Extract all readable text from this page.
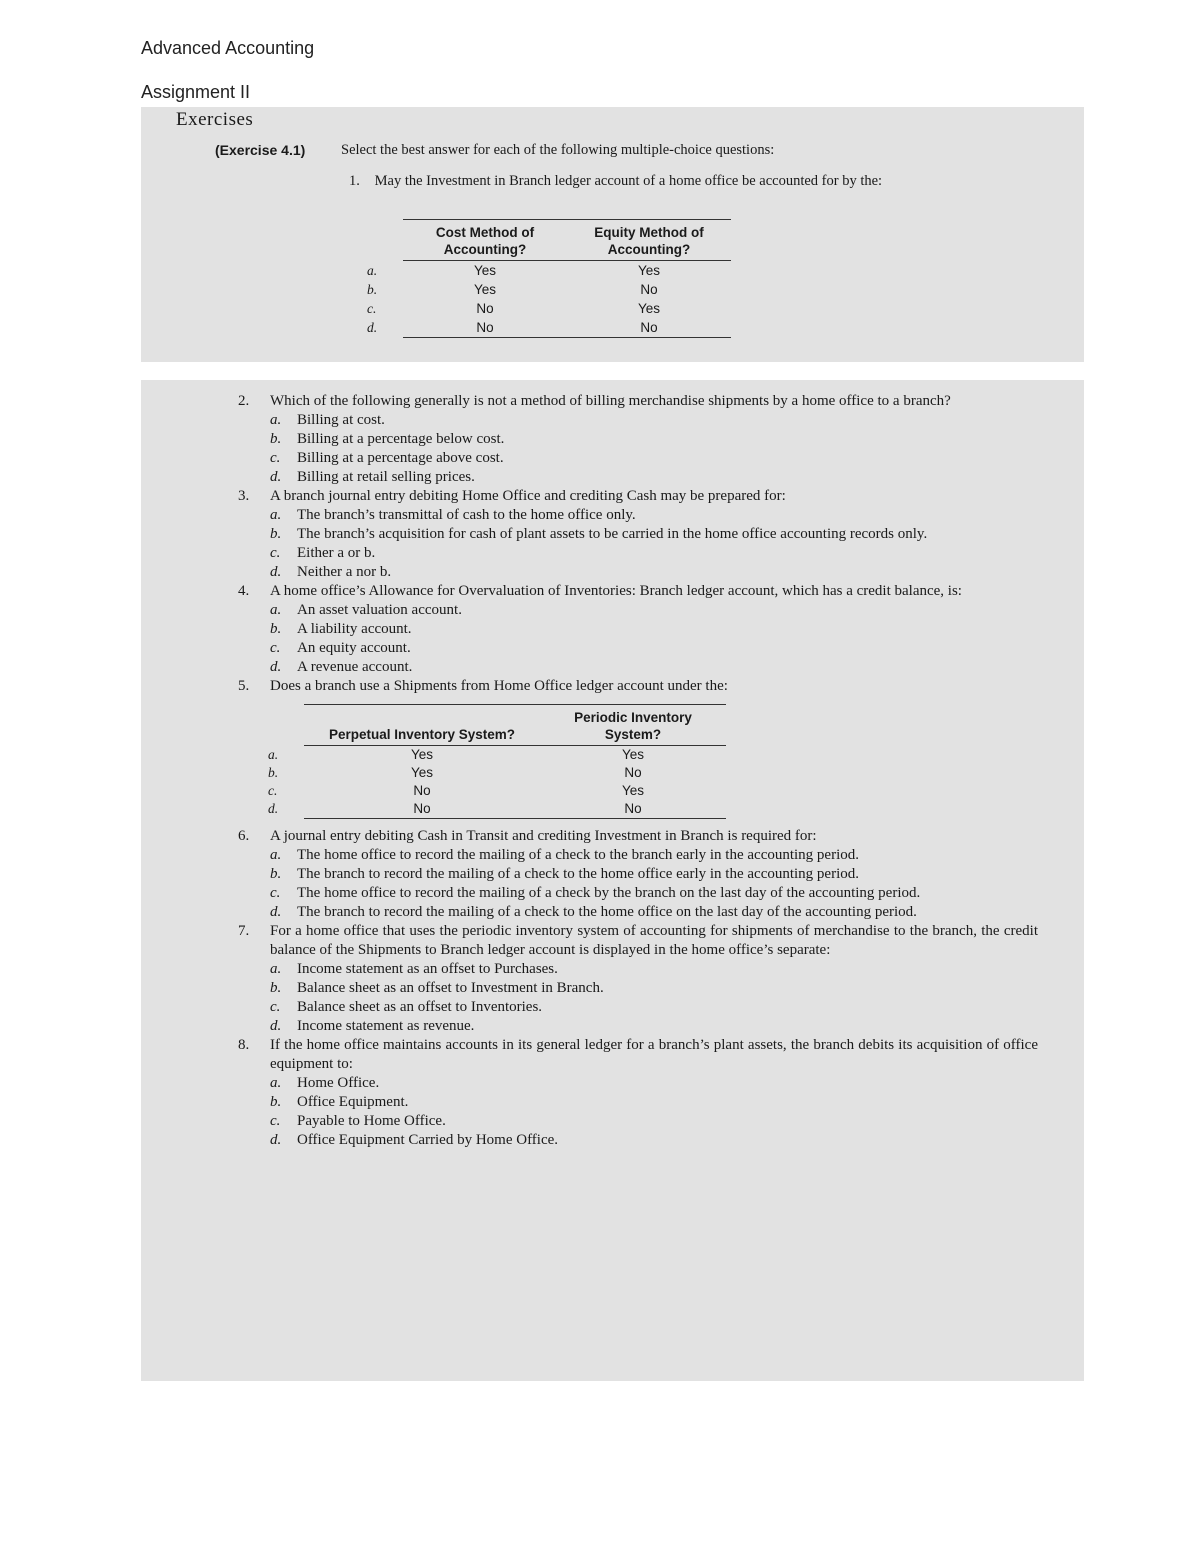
Advanced Accounting
Assignment II
Exercises
(Exercise 4.1) Select the best answer for each of the following multiple-choice questions:
1. May the Investment in Branch ledger account of a home office be accounted for by the:
	Cost Method of Accounting?	Equity Method of Accounting?
a.	Yes	Yes
b.	Yes	No
c.	No	Yes
d.	No	No
2.	Which of the following generally is not a method of billing merchandise shipments by a home office to a branch?
a.	Billing at cost.
b.	Billing at a percentage below cost.
c.	Billing at a percentage above cost.
d.	Billing at retail selling prices.
3.	A branch journal entry debiting Home Office and crediting Cash may be prepared for:
a.	The branch’s transmittal of cash to the home office only.
b.	The branch’s acquisition for cash of plant assets to be carried in the home office accounting records only.
c.	Either a or b.
d.	Neither a nor b.
4.	A home office’s Allowance for Overvaluation of Inventories: Branch ledger account, which has a credit balance, is:
a.	An asset valuation account.
b.	A liability account.
c.	An equity account.
d.	A revenue account.
5.	Does a branch use a Shipments from Home Office ledger account under the:
	Perpetual Inventory System?	Periodic Inventory System?
a.	Yes	Yes
b.	Yes	No
c.	No	Yes
d.	No	No
6.	A journal entry debiting Cash in Transit and crediting Investment in Branch is required for:
a.	The home office to record the mailing of a check to the branch early in the accounting period.
b.	The branch to record the mailing of a check to the home office early in the accounting period.
c.	The home office to record the mailing of a check by the branch on the last day of the accounting period.
d.	The branch to record the mailing of a check to the home office on the last day of the accounting period.
7.	For a home office that uses the periodic inventory system of accounting for shipments of merchandise to the branch, the credit balance of the Shipments to Branch ledger account is displayed in the home office’s separate:
a.	Income statement as an offset to Purchases.
b.	Balance sheet as an offset to Investment in Branch.
c.	Balance sheet as an offset to Inventories.
d.	Income statement as revenue.
8.	If the home office maintains accounts in its general ledger for a branch’s plant assets, the branch debits its acquisition of office equipment to:
a.	Home Office.
b.	Office Equipment.
c.	Payable to Home Office.
d.	Office Equipment Carried by Home Office.
